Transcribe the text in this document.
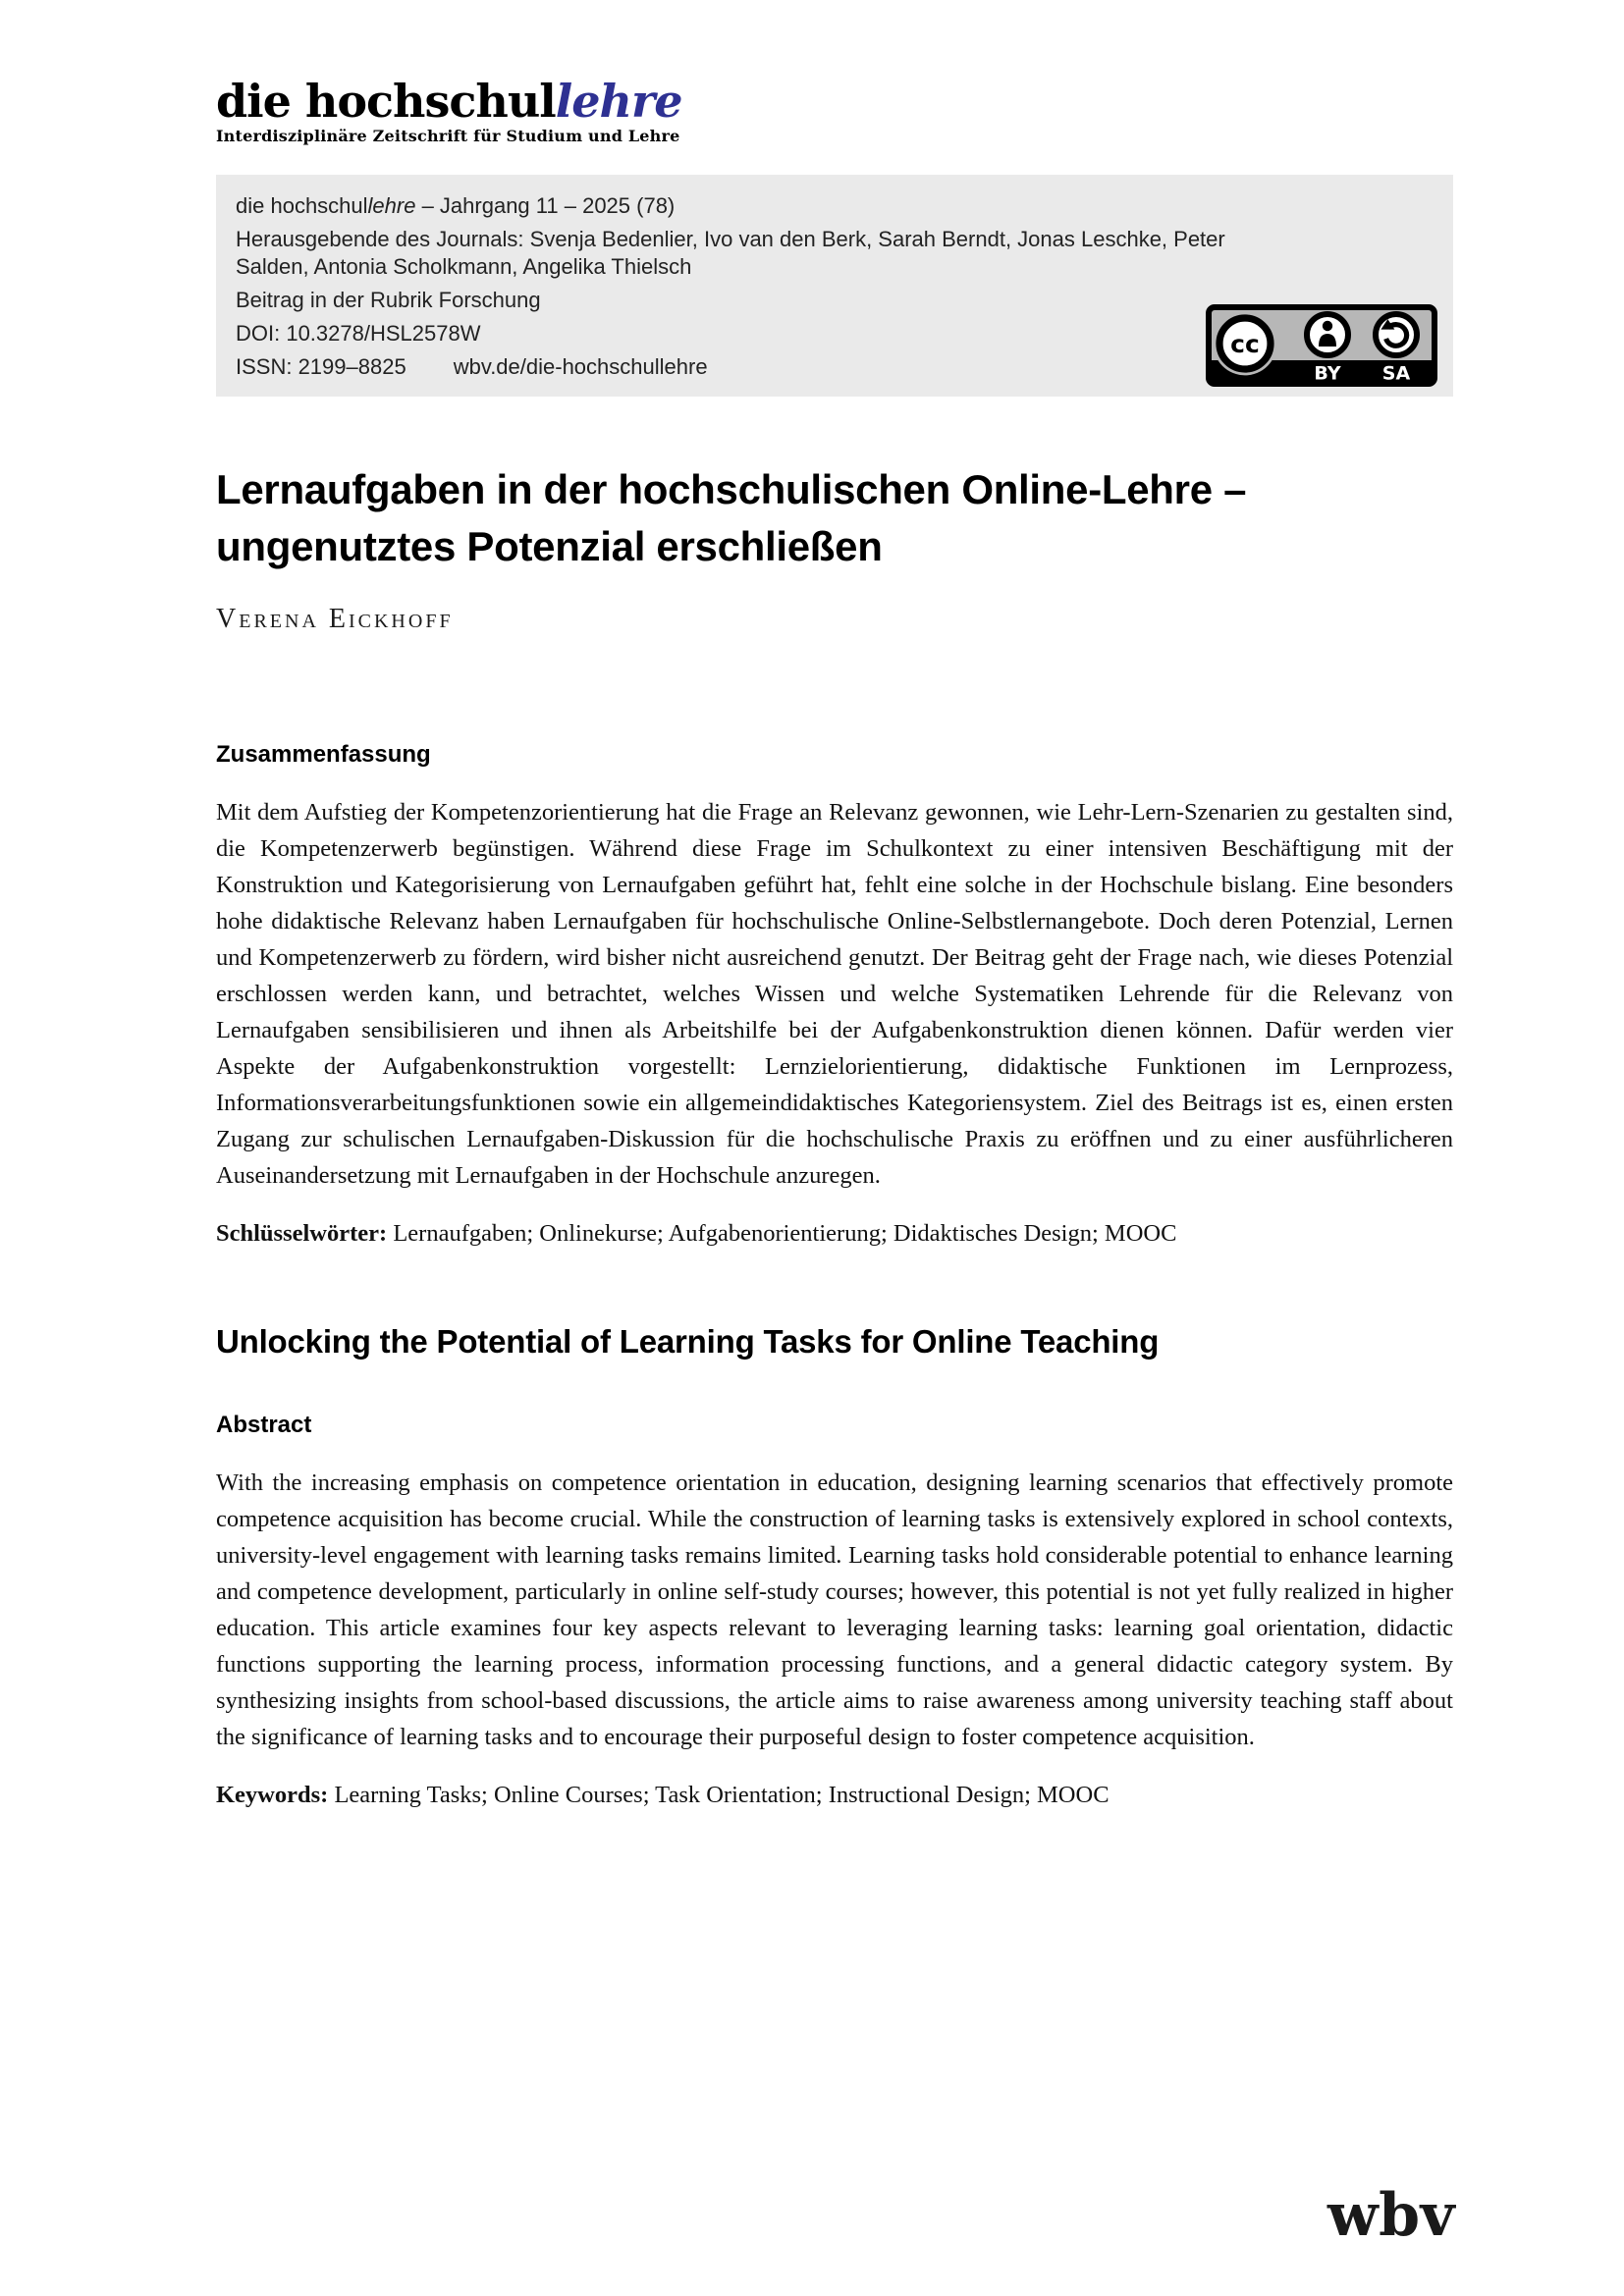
die hochschullehre
Interdisziplinäre Zeitschrift für Studium und Lehre

die hochschullehre – Jahrgang 11 – 2025 (78)

Herausgebende des Journals: Svenja Bedenlier, Ivo van den Berk, Sarah Berndt, Jonas Leschke, Peter Salden, Antonia Scholkmann, Angelika Thielsch

Beitrag in der Rubrik Forschung

DOI: 10.3278/HSL2578W

ISSN: 2199–8825 wbv.de/die-hochschullehre
cc
BY	SA
Lernaufgaben in der hochschulischen Online-Lehre –
ungenutztes Potenzial erschließen
Verena Eickhoff
Zusammenfassung

Mit dem Aufstieg der Kompetenzorientierung hat die Frage an Relevanz gewonnen, wie Lehr-Lern-Szenarien zu gestalten sind, die Kompetenzerwerb begünstigen. Während diese Frage im Schulkontext zu einer intensiven Beschäftigung mit der Konstruktion und Kategorisierung von Lernaufgaben geführt hat, fehlt eine solche in der Hochschule bislang. Eine besonders hohe didaktische Relevanz haben Lernaufgaben für hochschulische Online-Selbstlernangebote. Doch deren Potenzial, Lernen und Kompetenzerwerb zu fördern, wird bisher nicht ausreichend genutzt. Der Beitrag geht der Frage nach, wie dieses Potenzial erschlossen werden kann, und betrachtet, welches Wissen und welche Systematiken Lehrende für die Relevanz von Lernaufgaben sensibilisieren und ihnen als Arbeitshilfe bei der Aufgabenkonstruktion dienen können. Dafür werden vier Aspekte der Aufgabenkonstruktion vorgestellt: Lernzielorientierung, didaktische Funktionen im Lernprozess, Informationsverarbeitungsfunktionen sowie ein allgemeindidaktisches Kategoriensystem. Ziel des Beitrags ist es, einen ersten Zugang zur schulischen Lernaufgaben-Diskussion für die hochschulische Praxis zu eröffnen und zu einer ausführlicheren Auseinandersetzung mit Lernaufgaben in der Hochschule anzuregen.

Schlüsselwörter: Lernaufgaben; Onlinekurse; Aufgabenorientierung; Didaktisches Design; MOOC

Unlocking the Potential of Learning Tasks for Online Teaching
Abstract

With the increasing emphasis on competence orientation in education, designing learning scenarios that effectively promote competence acquisition has become crucial. While the construction of learning tasks is extensively explored in school contexts, university-level engagement with learning tasks remains limited. Learning tasks hold considerable potential to enhance learning and competence development, particularly in online self-study courses; however, this potential is not yet fully realized in higher education. This article examines four key aspects relevant to leveraging learning tasks: learning goal orientation, didactic functions supporting the learning process, information processing functions, and a general didactic category system. By synthesizing insights from school-based discussions, the article aims to raise awareness among university teaching staff about the significance of learning tasks and to encourage their purposeful design to foster competence acquisition.

Keywords: Learning Tasks; Online Courses; Task Orientation; Instructional Design; MOOC

wbv
